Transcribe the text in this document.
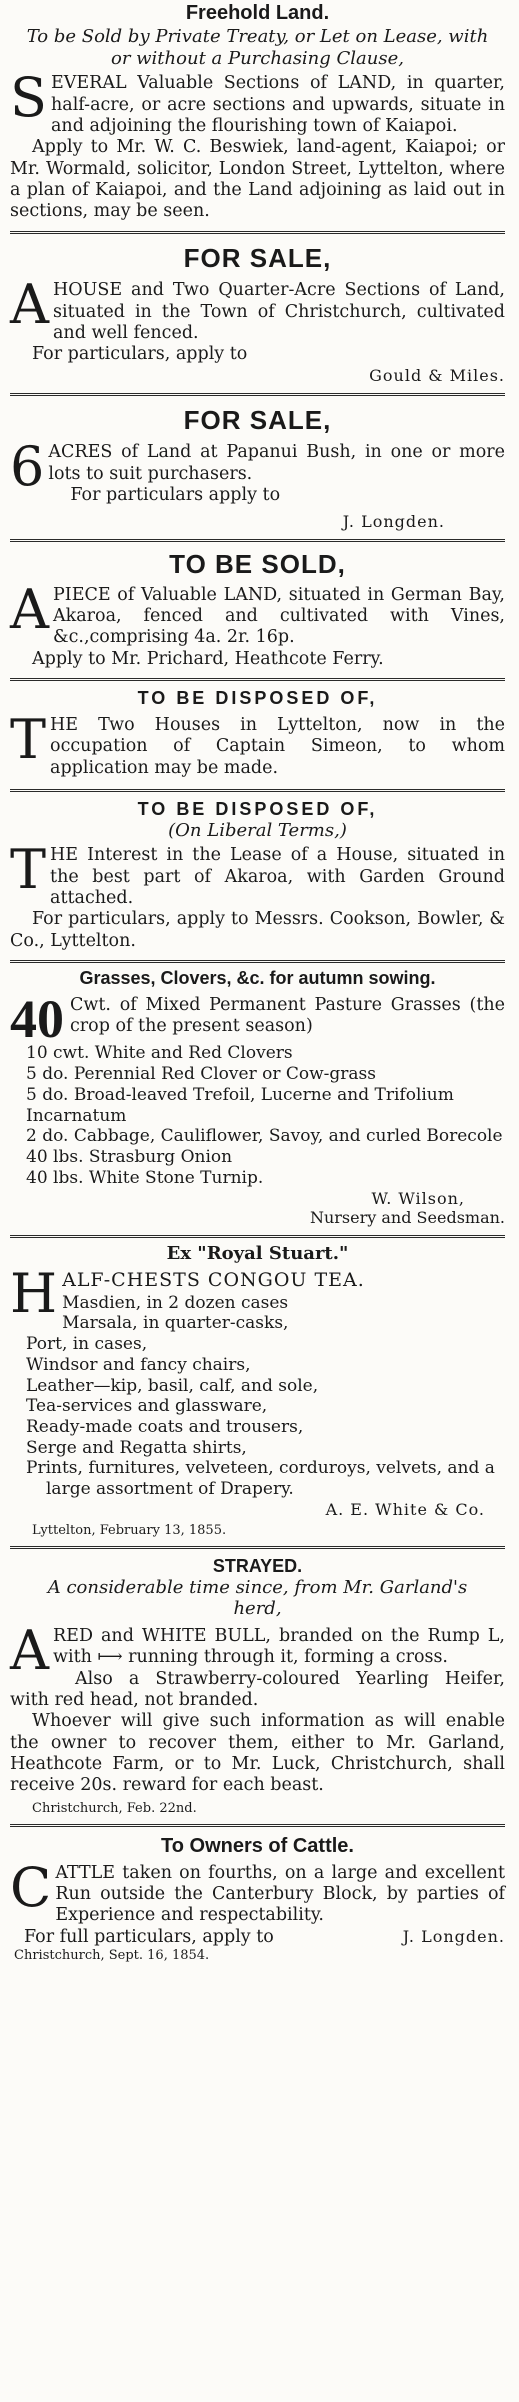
Freehold Land.
To be Sold by Private Treaty, or Let on Lease, with or without a Purchasing Clause,

SEVERAL Valuable Sections of LAND, in quarter, half-acre, or acre sections and upwards, situate in and adjoining the flourishing town of Kaiapoi.

Apply to Mr. W. C. Beswiek, land-agent, Kaiapoi; or Mr. Wormald, solicitor, London Street, Lyttelton, where a plan of Kaiapoi, and the Land adjoining as laid out in sections, may be seen.

FOR SALE,

AHOUSE and Two Quarter-Acre Sections of Land, situated in the Town of Christchurch, cultivated and well fenced.

For particulars, apply to

Gould & Miles.
FOR SALE,

6ACRES of Land at Papanui Bush, in one or more lots to suit purchasers.

For particulars apply to

J. Longden.
TO BE SOLD,

APIECE of Valuable LAND, situated in German Bay, Akaroa, fenced and cultivated with Vines, &c.,comprising 4a. 2r. 16p.

Apply to Mr. Prichard, Heathcote Ferry.

TO BE DISPOSED OF,

THE Two Houses in Lyttelton, now in the occupation of Captain Simeon, to whom application may be made.

TO BE DISPOSED OF,
(On Liberal Terms,)

THE Interest in the Lease of a House, situated in the best part of Akaroa, with Garden Ground attached.

For particulars, apply to Messrs. Cookson, Bowler, & Co., Lyttelton.

Grasses, Clovers, &c. for autumn sowing.

40 Cwt. of Mixed Permanent Pasture Grasses (the crop of the present season)

10 cwt. White and Red Clovers
5 do. Perennial Red Clover or Cow-grass
5 do. Broad-leaved Trefoil, Lucerne and Trifolium Incarnatum
2 do. Cabbage, Cauliflower, Savoy, and curled Borecole
40 lbs. Strasburg Onion
40 lbs. White Stone Turnip.
W. Wilson,
Nursery and Seedsman.
Ex "Royal Stuart."

HALF-CHESTS CONGOU TEA.

Masdien, in 2 dozen cases
Marsala, in quarter-casks,
Port, in cases,
Windsor and fancy chairs,
Leather—kip, basil, calf, and sole,
Tea-services and glassware,
Ready-made coats and trousers,
Serge and Regatta shirts,
Prints, furnitures, velveteen, corduroys, velvets, and a large assortment of Drapery.
A. E. White & Co.
Lyttelton, February 13, 1855.
STRAYED.
A considerable time since, from Mr. Garland's herd,

ARED and WHITE BULL, branded on the Rump L, with ⟼ running through it, forming a cross.

Also a Strawberry-coloured Yearling Heifer, with red head, not branded.

Whoever will give such information as will enable the owner to recover them, either to Mr. Garland, Heathcote Farm, or to Mr. Luck, Christchurch, shall receive 20s. reward for each beast.

Christchurch, Feb. 22nd.
To Owners of Cattle.

CATTLE taken on fourths, on a large and excellent Run outside the Canterbury Block, by parties of Experience and respectability.

For full particulars, apply to	J. Longden.
Christchurch, Sept. 16, 1854.
